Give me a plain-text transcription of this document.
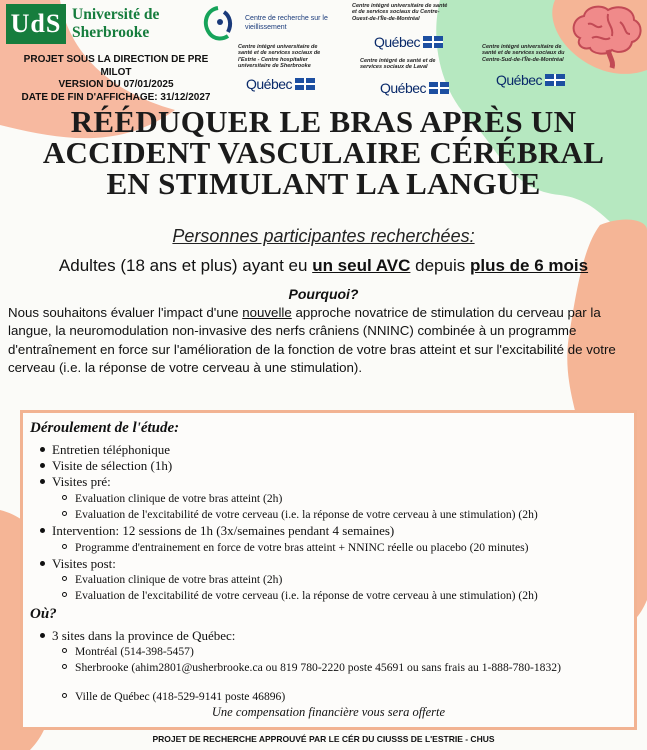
UdS Université de Sherbrooke
Centre de recherche sur le vieillissement
Centre intégré universitaire de santé et de services sociaux de l'Estrie - Centre hospitalier universitaire de Sherbrooke
Québec
Centre intégré universitaire de santé et de services sociaux du Centre-Ouest-de-l'Île-de-Montréal
Québec
Centre intégré de santé et de services sociaux de Laval
Québec
Centre intégré universitaire de santé et de services sociaux du Centre-Sud-de-l'Île-de-Montréal
Québec
PROJET SOUS LA DIRECTION DE PRE MILOT
VERSION DU 07/01/2025
DATE DE FIN D'AFFICHAGE: 31/12/2027
RÉÉDUQUER LE BRAS APRÈS UN
ACCIDENT VASCULAIRE CÉRÉBRAL
EN STIMULANT LA LANGUE
Personnes participantes recherchées:
Adultes (18 ans et plus) ayant eu un seul AVC depuis plus de 6 mois
Pourquoi?
Nous souhaitons évaluer l'impact d'une nouvelle approche novatrice de stimulation du cerveau par la langue, la neuromodulation non-invasive des nerfs crâniens (NNINC) combinée à un programme d'entraînement en force sur l'amélioration de la fonction de votre bras atteint et sur l'excitabilité de votre cerveau (i.e. la réponse de votre cerveau à une stimulation).
Déroulement de l'étude:
Entretien téléphonique
Visite de sélection (1h)
Visites pré:
Evaluation clinique de votre bras atteint (2h)
Evaluation de l'excitabilité de votre cerveau (i.e. la réponse de votre cerveau à une stimulation) (2h)
Intervention: 12 sessions de 1h (3x/semaines pendant 4 semaines)
Programme d'entrainement en force de votre bras atteint + NNINC réelle ou placebo (20 minutes)
Visites post:
Evaluation clinique de votre bras atteint (2h)
Evaluation de l'excitabilité de votre cerveau (i.e. la réponse de votre cerveau à une stimulation) (2h)
Où?
3 sites dans la province de Québec:
Montréal (514-398-5457)
Sherbrooke (ahim2801@usherbrooke.ca ou 819 780-2220 poste 45691 ou sans frais au 1-888-780-1832)
Ville de Québec (418-529-9141 poste 46896)
Une compensation financière vous sera offerte
PROJET DE RECHERCHE APPROUVÉ PAR LE CÉR DU CIUSSS DE L'ESTRIE - CHUS
